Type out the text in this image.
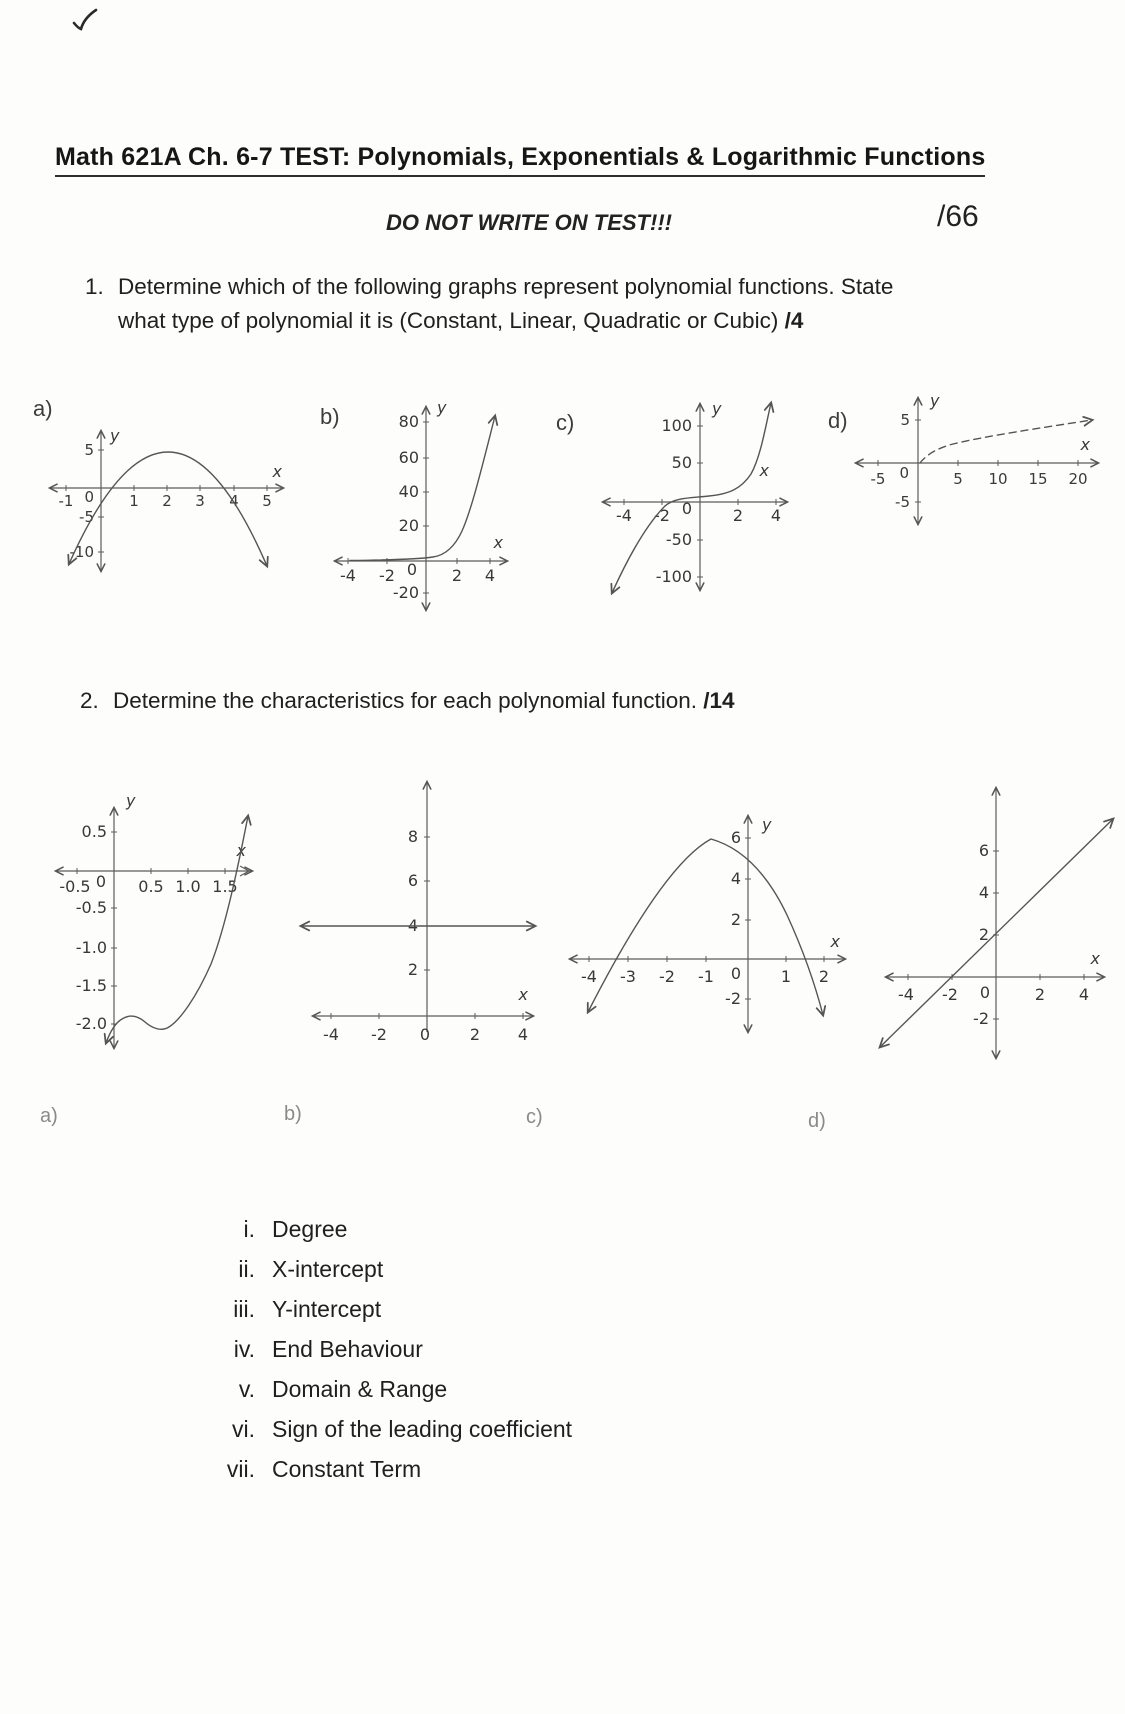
Math 621A Ch. 6-7 TEST: Polynomials, Exponentials & Logarithmic Functions
DO NOT WRITE ON TEST!!!	/66
1. Determine which of the following graphs represent polynomial functions. State
what type of polynomial it is (Constant, Linear, Quadratic or Cubic) /4
a)	b)	c)	d)
-1	1 2 3 4 5
5
-5
-10
0
y
x
-4 -2	2 4
80
60
40
20
-20
0
y
x
-4 -2	2 4
100
50
-50
-100
0
y
x	-5	5 10 15 20
5
-5
0
y
x
2. Determine the characteristics for each polynomial function. /14
-0.5	0.5 1.0 1.5
0.5
-0.5
-1.0
-1.5
-2.0
0
y
x
-4 -2 0 2 4
8
6
4
2
x
-4 -3 -2 -1	1 2
6
4
2
-2
0
y
x
-4 -2	2 4
6
4
2
-2
0
x
a)	b)	c)	d)
i. Degree
ii. X-intercept
iii. Y-intercept
iv. End Behaviour
v. Domain & Range
vi. Sign of the leading coefficient
vii. Constant Term
